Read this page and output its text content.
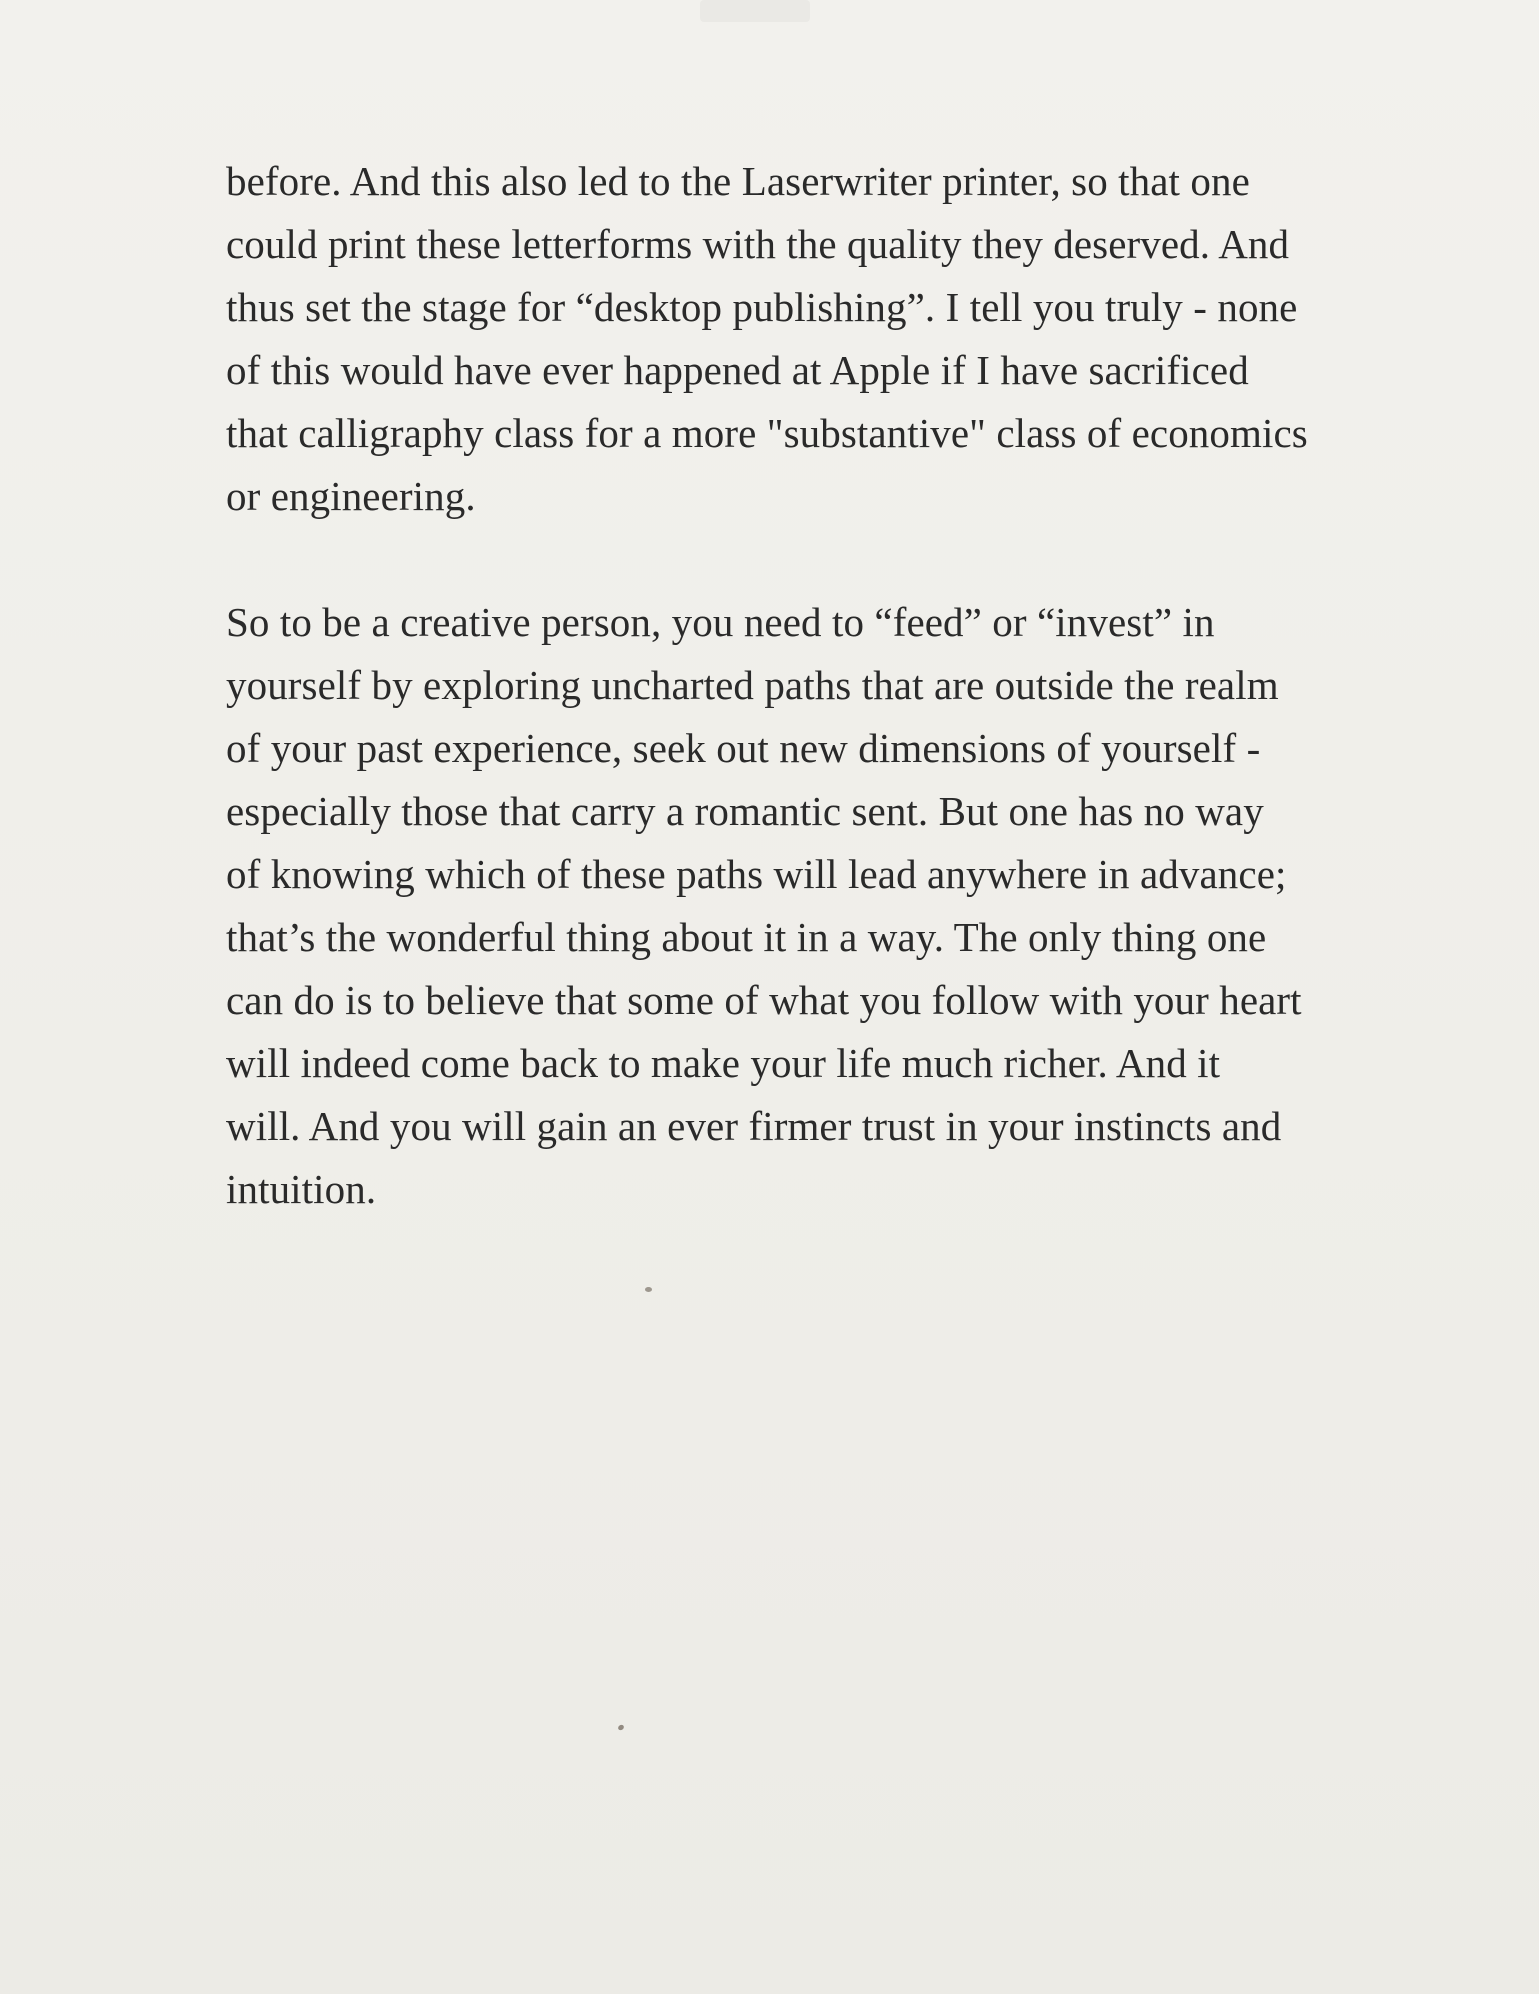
before. And this also led to the Laserwriter printer, so that one
could print these letterforms with the quality they deserved. And
thus set the stage for “desktop publishing”. I tell you truly - none
of this would have ever happened at Apple if I have sacrificed
that calligraphy class for a more "substantive" class of economics
or engineering.

So to be a creative person, you need to “feed” or “invest” in
yourself by exploring uncharted paths that are outside the realm
of your past experience, seek out new dimensions of yourself -
especially those that carry a romantic sent. But one has no way
of knowing which of these paths will lead anywhere in advance;
that’s the wonderful thing about it in a way. The only thing one
can do is to believe that some of what you follow with your heart
will indeed come back to make your life much richer. And it
will. And you will gain an ever firmer trust in your instincts and
intuition.
